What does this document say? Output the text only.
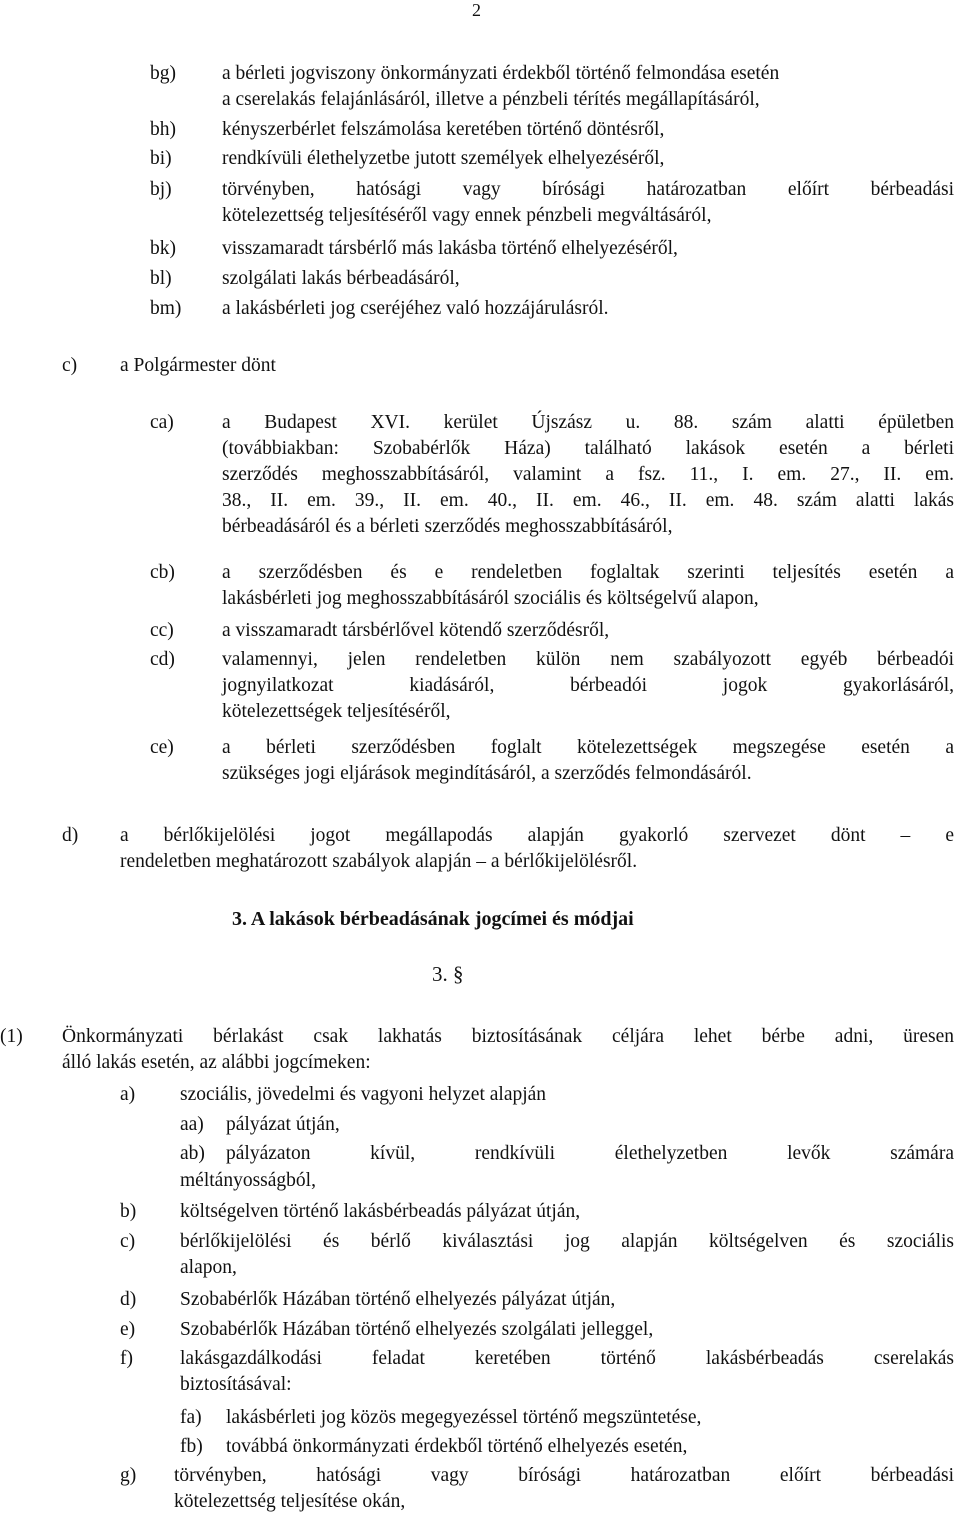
2
bg) a bérleti jogviszony önkormányzati érdekből történő felmondása esetén
a cserelakás felajánlásáról, illetve a pénzbeli térítés megállapításáról,
bh) kényszerbérlet felszámolása keretében történő döntésről,
bi)	rendkívüli élethelyzetbe jutott személyek elhelyezéséről,
bj)	törvényben, hatósági vagy bírósági határozatban előírt bérbeadási
kötelezettség teljesítéséről vagy ennek pénzbeli megváltásáról,
bk) visszamaradt társbérlő más lakásba történő elhelyezéséről,
bl)	szolgálati lakás bérbeadásáról,
bm) a lakásbérleti jog cseréjéhez való hozzájárulásról.
c) a Polgármester dönt
ca) a Budapest XVI. kerület Újszász u. 88. szám alatti épületben
(továbbiakban: Szobabérlők Háza) található lakások esetén a bérleti
szerződés meghosszabbításáról, valamint a fsz. 11., I. em. 27., II. em.
38., II. em. 39., II. em. 40., II. em. 46., II. em. 48. szám alatti lakás
bérbeadásáról és a bérleti szerződés meghosszabbításáról,
cb) a szerződésben és e rendeletben foglaltak szerinti teljesítés esetén a
lakásbérleti jog meghosszabbításáról szociális és költségelvű alapon,
cc) a visszamaradt társbérlővel kötendő szerződésről,
cd) valamennyi, jelen rendeletben külön nem szabályozott egyéb bérbeadói
jognyilatkozat kiadásáról, bérbeadói jogok gyakorlásáról,
kötelezettségek teljesítéséről,
ce) a bérleti szerződésben foglalt kötelezettségek megszegése esetén a
szükséges jogi eljárások megindításáról, a szerződés felmondásáról.
d) a bérlőkijelölési jogot megállapodás alapján gyakorló szervezet dönt – e
rendeletben meghatározott szabályok alapján – a bérlőkijelölésről.
3. A lakások bérbeadásának jogcímei és módjai
3. §
(1) Önkormányzati bérlakást csak lakhatás biztosításának céljára lehet bérbe adni, üresen
álló lakás esetén, az alábbi jogcímeken:
a) szociális, jövedelmi és vagyoni helyzet alapján
aa) pályázat útján,
ab) pályázaton kívül, rendkívüli élethelyzetben levők számára
méltányosságból,
b) költségelven történő lakásbérbeadás pályázat útján,
c) bérlőkijelölési és bérlő kiválasztási jog alapján költségelven és szociális
alapon,
d) Szobabérlők Házában történő elhelyezés pályázat útján,
e) Szobabérlők Házában történő elhelyezés szolgálati jelleggel,
f) lakásgazdálkodási feladat keretében történő lakásbérbeadás cserelakás
biztosításával:
fa) lakásbérleti jog közös megegyezéssel történő megszüntetése,
fb) továbbá önkormányzati érdekből történő elhelyezés esetén,
g) törvényben, hatósági vagy bírósági határozatban előírt bérbeadási
kötelezettség teljesítése okán,
